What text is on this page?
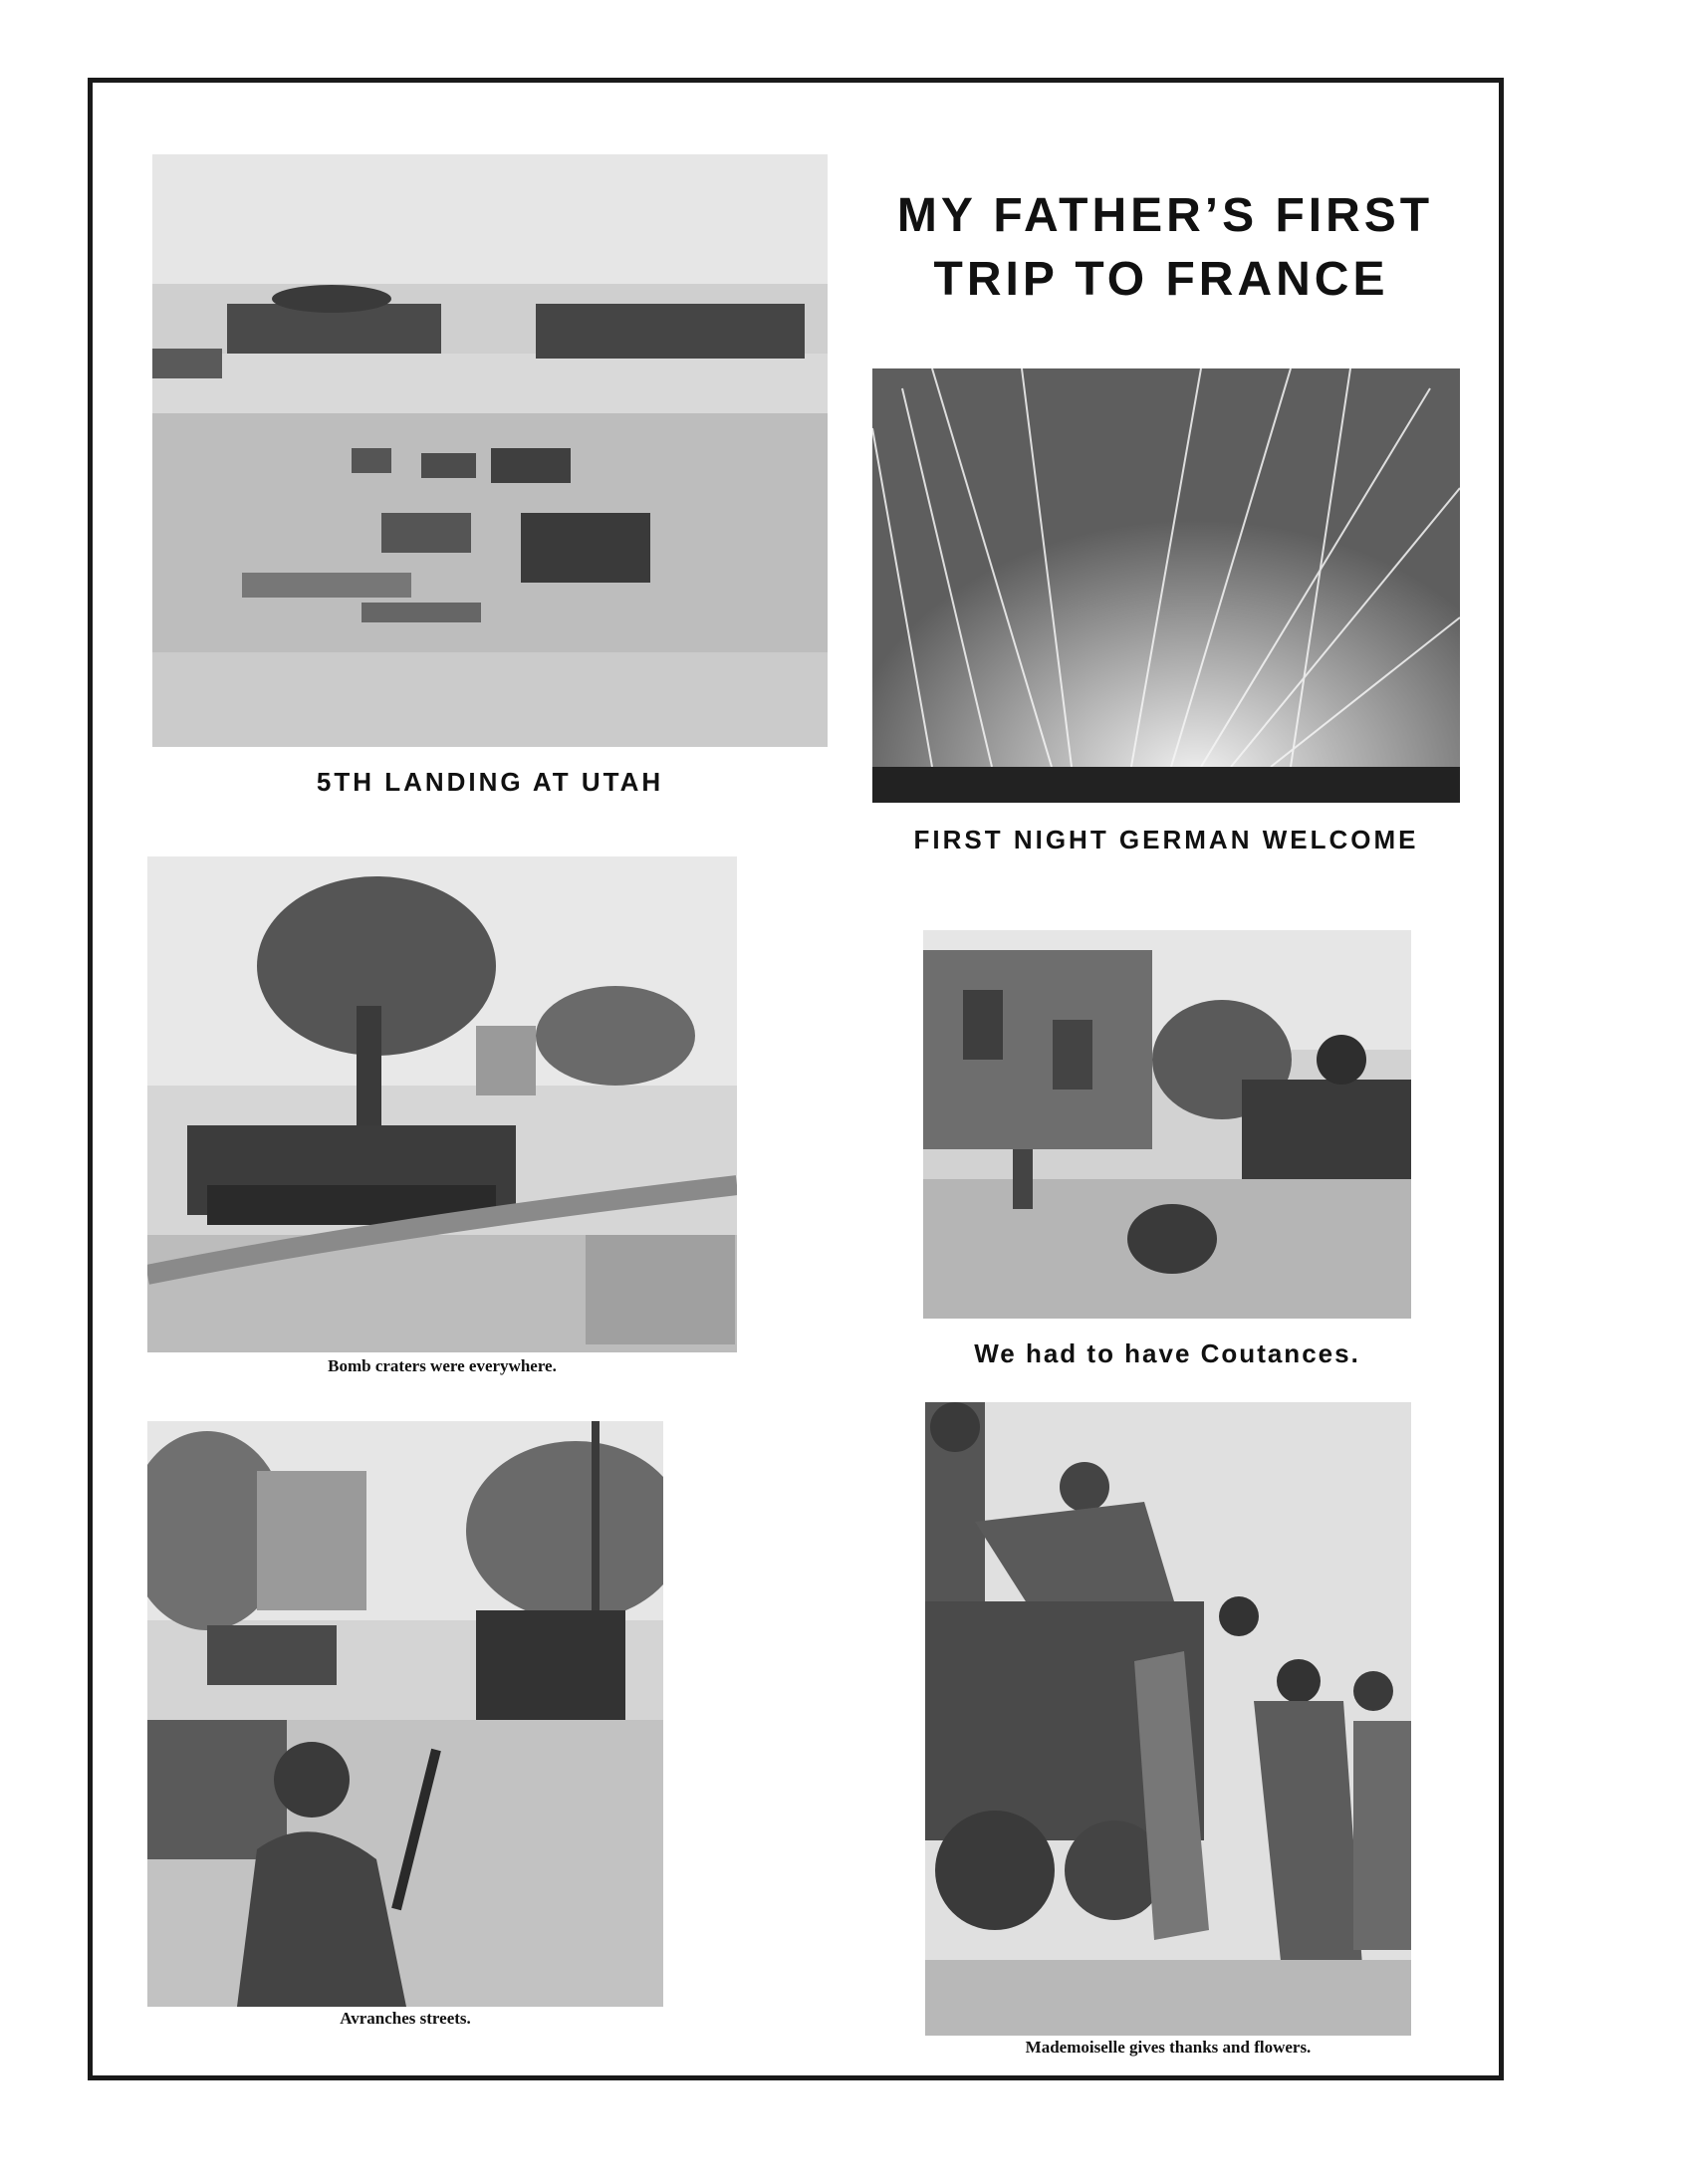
MY FATHER’S FIRST
TRIP TO FRANCE
5TH LANDING AT UTAH
FIRST NIGHT GERMAN WELCOME
Bomb craters were everywhere.	We had to have Coutances.
Avranches streets.
Mademoiselle gives thanks and flowers.
